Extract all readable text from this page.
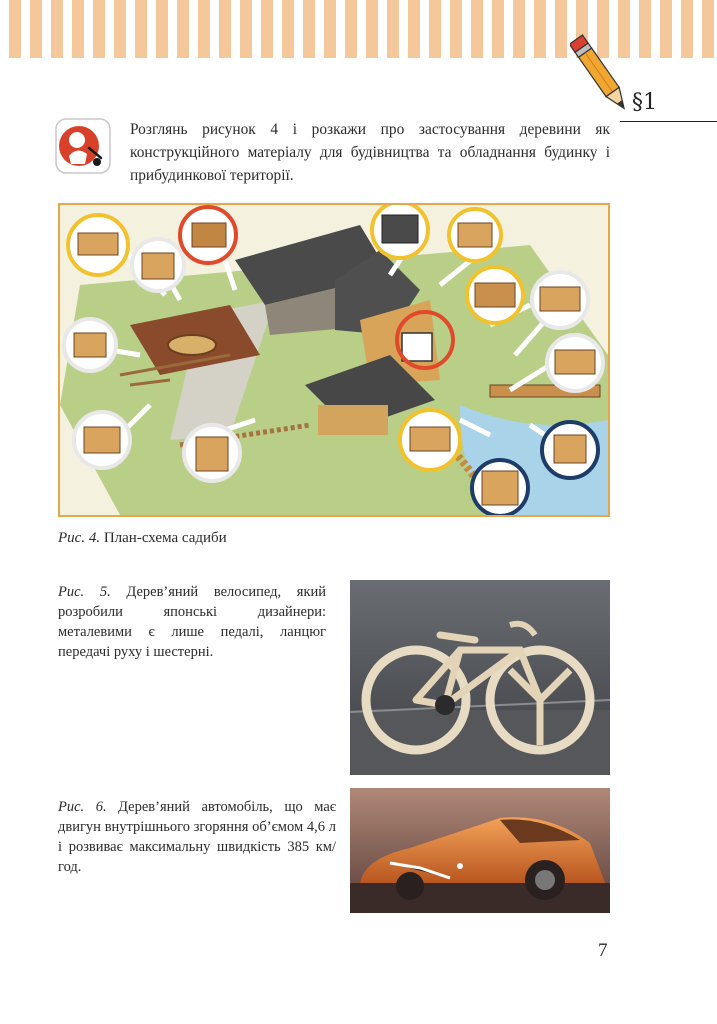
§1
Розглянь рисунок 4 і розкажи про застосування деревини як конструкційного матеріалу для будівництва та обладнання будинку і прибудинкової території.
Рис. 4. План-схема садиби
Рис. 5. Дерев’яний велосипед, який розробили японські дизайнери: металевими є лише педалі, ланцюг передачі руху і шестерні.
Рис. 6. Дерев’яний автомобіль, що має двигун внутрішнього згоряння об’ємом 4,6 л і розвиває максимальну швидкість 385 км/год.
7
